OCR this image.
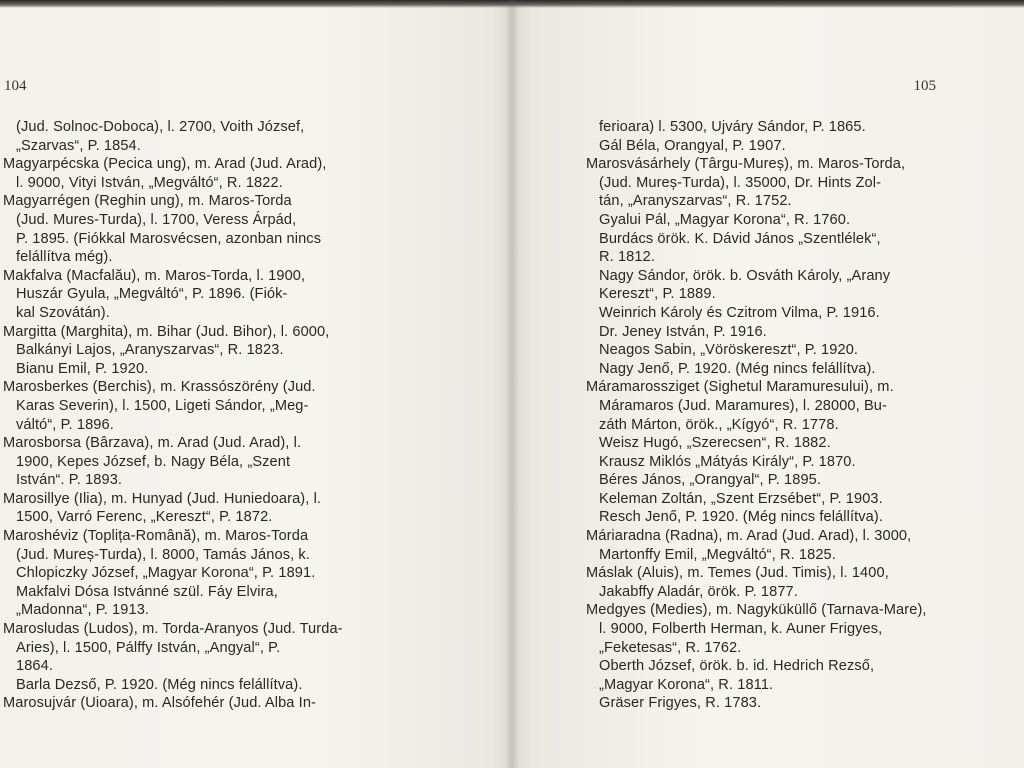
104
(Jud. Solnoc-Doboca), l. 2700, Voith József,
„Szarvas“, P. 1854.
Magyarpécska (Pecica ung), m. Arad (Jud. Arad),
l. 9000, Vityi István, „Megváltó“, R. 1822.
Magyarrégen (Reghin ung), m. Maros-Torda
(Jud. Mures-Turda), l. 1700, Veress Árpád,
P. 1895. (Fiókkal Marosvécsen, azonban nincs
felállítva még).
Makfalva (Macfalău), m. Maros-Torda, l. 1900,
Huszár Gyula, „Megváltó“, P. 1896. (Fiók-
kal Szovátán).
Margitta (Marghita), m. Bihar (Jud. Bihor), l. 6000,
Balkányi Lajos, „Aranyszarvas“, R. 1823.
Bianu Emil, P. 1920.
Marosberkes (Berchis), m. Krassószörény (Jud.
Karas Severin), l. 1500, Ligeti Sándor, „Meg-
váltó“, P. 1896.
Marosborsa (Bârzava), m. Arad (Jud. Arad), l.
1900, Kepes József, b. Nagy Béla, „Szent
István“. P. 1893.
Marosillye (Ilia), m. Hunyad (Jud. Huniedoara), l.
1500, Varró Ferenc, „Kereszt“, P. 1872.
Maroshéviz (Toplița-Română), m. Maros-Torda
(Jud. Mureș-Turda), l. 8000, Tamás János, k.
Chlopiczky József, „Magyar Korona“, P. 1891.
Makfalvi Dósa Istvánné szül. Fáy Elvira,
„Madonna“, P. 1913.
Marosludas (Ludos), m. Torda-Aranyos (Jud. Turda-
Aries), l. 1500, Pálffy István, „Angyal“, P.
1864.
Barla Dezső, P. 1920. (Még nincs felállítva).
Marosujvár (Uioara), m. Alsófehér (Jud. Alba In-
105
ferioara) l. 5300, Ujváry Sándor, P. 1865.
Gál Béla, Orangyal, P. 1907.
Marosvásárhely (Târgu-Mureș), m. Maros-Torda,
(Jud. Mureș-Turda), l. 35000, Dr. Hints Zol-
tán, „Aranyszarvas“, R. 1752.
Gyalui Pál, „Magyar Korona“, R. 1760.
Burdács örök. K. Dávid János „Szentlélek“,
R. 1812.
Nagy Sándor, örök. b. Osváth Károly, „Arany
Kereszt“, P. 1889.
Weinrich Károly és Czitrom Vilma, P. 1916.
Dr. Jeney István, P. 1916.
Neagos Sabin, „Vöröskereszt“, P. 1920.
Nagy Jenő, P. 1920. (Még nincs felállítva).
Máramarossziget (Sighetul Maramuresului), m.
Máramaros (Jud. Maramures), l. 28000, Bu-
záth Márton, örök., „Kígyó“, R. 1778.
Weisz Hugó, „Szerecsen“, R. 1882.
Krausz Miklós „Mátyás Király“, P. 1870.
Béres János, „Orangyal“, P. 1895.
Keleman Zoltán, „Szent Erzsébet“, P. 1903.
Resch Jenő, P. 1920. (Még nincs felállítva).
Máriaradna (Radna), m. Arad (Jud. Arad), l. 3000,
Martonffy Emil, „Megváltó“, R. 1825.
Máslak (Aluis), m. Temes (Jud. Timis), l. 1400,
Jakabffy Aladár, örök. P. 1877.
Medgyes (Medies), m. Nagyküküllő (Tarnava-Mare),
l. 9000, Folberth Herman, k. Auner Frigyes,
„Feketesas“, R. 1762.
Oberth József, örök. b. id. Hedrich Rezső,
„Magyar Korona“, R. 1811.
Gräser Frigyes, R. 1783.
